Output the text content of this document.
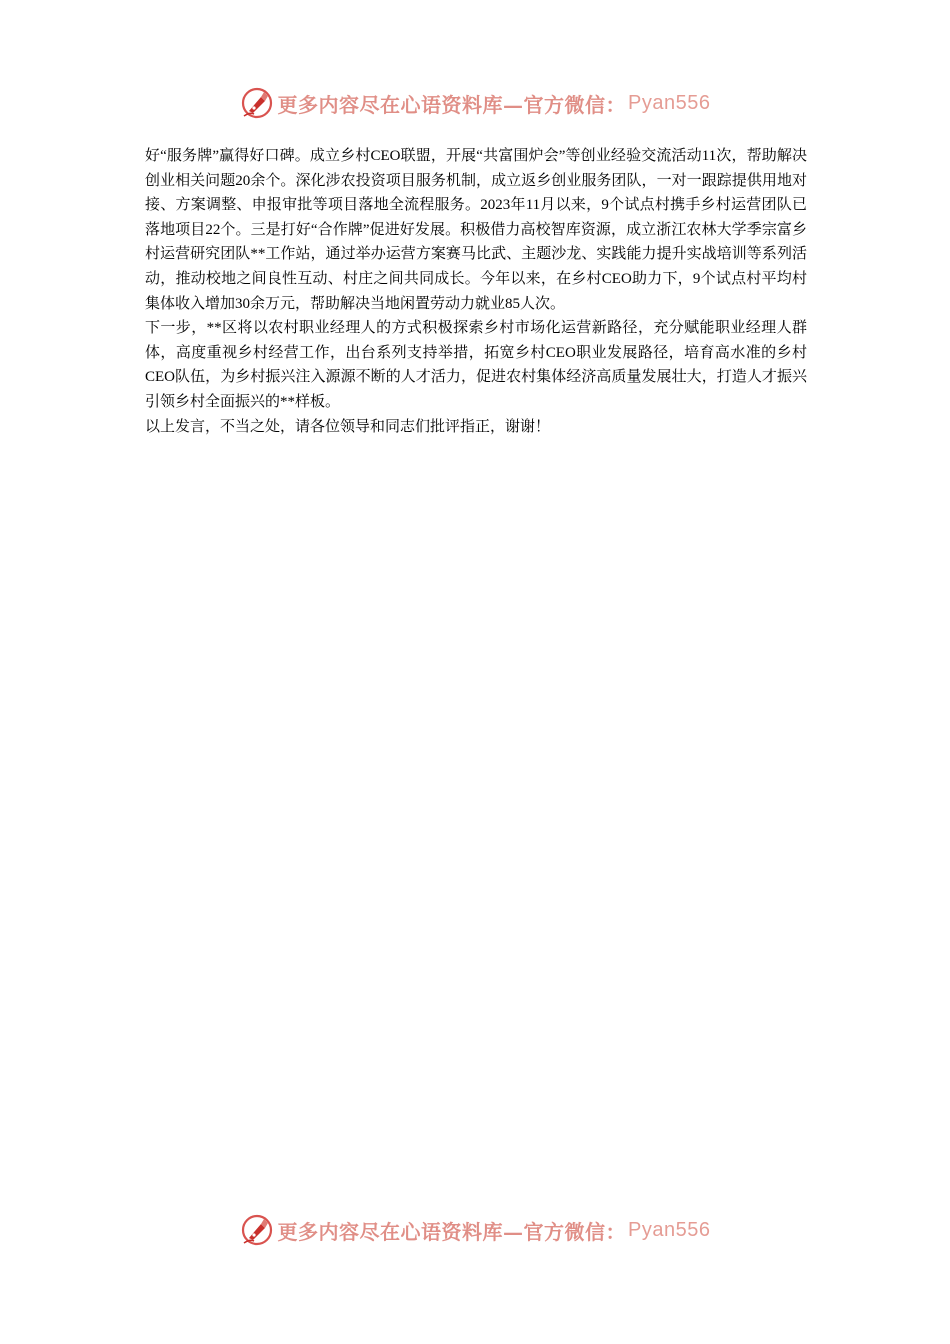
更多内容尽在心语资料库—官方微信： Pyan556

好“服务牌”赢得好口碑。成立乡村CEO联盟，开展“共富围炉会”等创业经验交流活动11次，帮助解决创业相关问题20余个。深化涉农投资项目服务机制，成立返乡创业服务团队，一对一跟踪提供用地对接、方案调整、申报审批等项目落地全流程服务。2023年11月以来，9个试点村携手乡村运营团队已落地项目22个。三是打好“合作牌”促进好发展。积极借力高校智库资源，成立浙江农林大学季宗富乡村运营研究团队**工作站，通过举办运营方案赛马比武、主题沙龙、实践能力提升实战培训等系列活动，推动校地之间良性互动、村庄之间共同成长。今年以来，在乡村CEO助力下，9个试点村平均村集体收入增加30余万元，帮助解决当地闲置劳动力就业85人次。

下一步，**区将以农村职业经理人的方式积极探索乡村市场化运营新路径，充分赋能职业经理人群体，高度重视乡村经营工作，出台系列支持举措，拓宽乡村CEO职业发展路径，培育高水准的乡村CEO队伍，为乡村振兴注入源源不断的人才活力，促进农村集体经济高质量发展壮大，打造人才振兴引领乡村全面振兴的**样板。

以上发言，不当之处，请各位领导和同志们批评指正，谢谢！

更多内容尽在心语资料库—官方微信： Pyan556
